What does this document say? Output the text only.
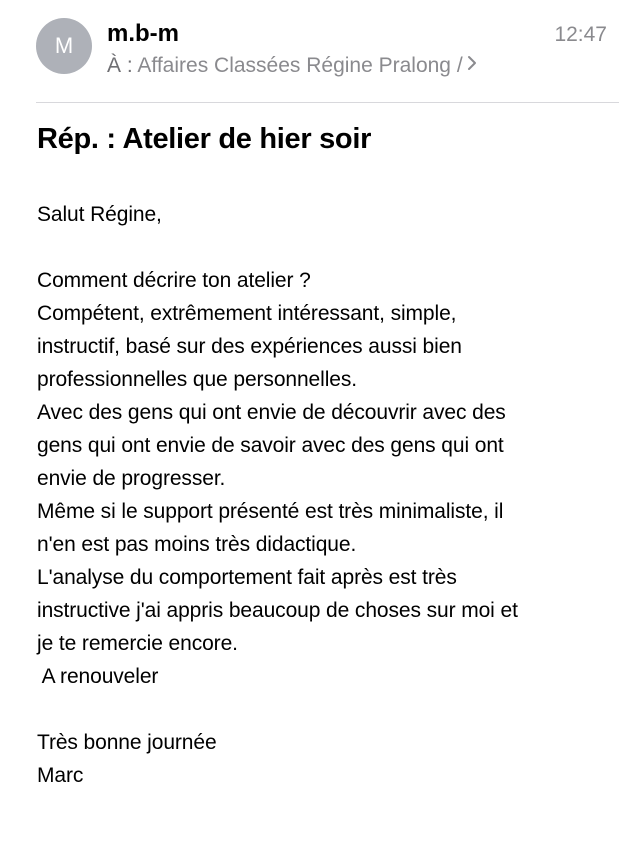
M	m.b-m	12:47
À : Affaires Classées Régine Pralong /
Rép. : Atelier de hier soir
Salut Régine,
Comment décrire ton atelier ?
Compétent, extrêmement intéressant, simple,
instructif, basé sur des expériences aussi bien
professionnelles que personnelles.
Avec des gens qui ont envie de découvrir avec des
gens qui ont envie de savoir avec des gens qui ont
envie de progresser.
Même si le support présenté est très minimaliste, il
n'en est pas moins très didactique.
L'analyse du comportement fait après est très
instructive j'ai appris beaucoup de choses sur moi et
je te remercie encore.
A renouveler
Très bonne journée
Marc
